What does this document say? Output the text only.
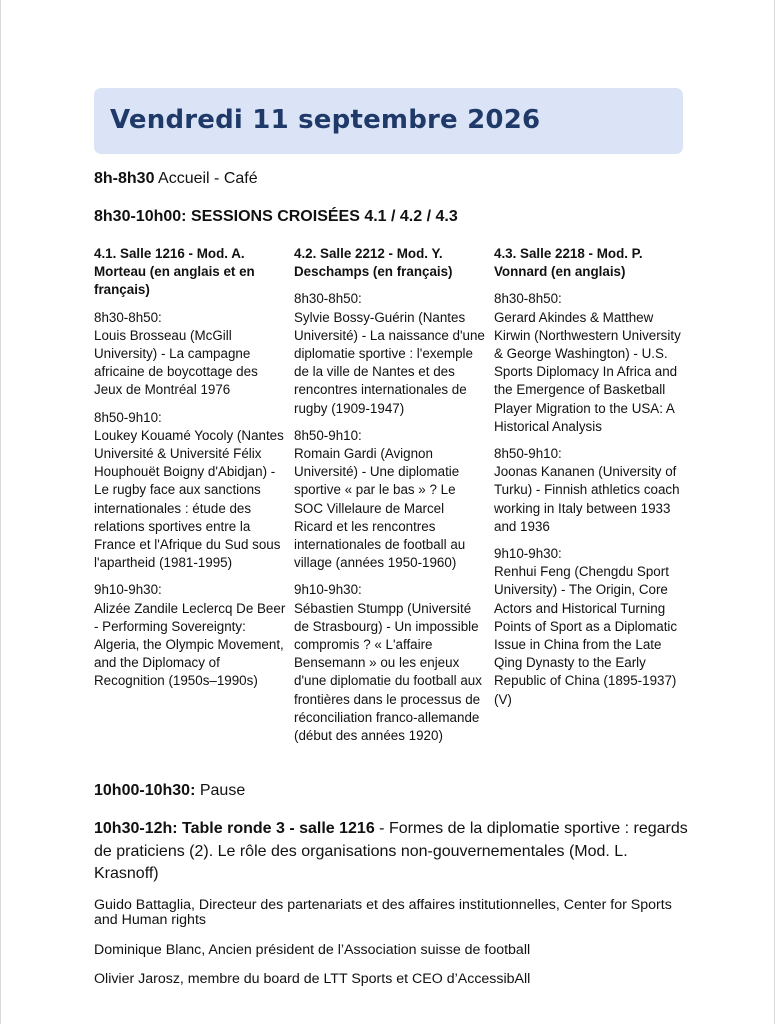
Vendredi 11 septembre 2026
8h-8h30 Accueil - Café
8h30-10h00: SESSIONS CROISÉES 4.1 / 4.2 / 4.3
4.1. Salle 1216 - Mod. A. Morteau (en anglais et en français)
8h30-8h50:
Louis Brosseau (McGill University) - La campagne africaine de boycottage des Jeux de Montréal 1976
8h50-9h10:
Loukey Kouamé Yocoly (Nantes Université & Université Félix Houphouët Boigny d'Abidjan) - Le rugby face aux sanctions internationales : étude des relations sportives entre la France et l'Afrique du Sud sous l'apartheid (1981-1995)
9h10-9h30:
Alizée Zandile Leclercq De Beer - Performing Sovereignty: Algeria, the Olympic Movement, and the Diplomacy of Recognition (1950s–1990s)
4.2. Salle 2212 - Mod. Y. Deschamps (en français)
8h30-8h50:
Sylvie Bossy-Guérin (Nantes Université) - La naissance d'une diplomatie sportive : l'exemple de la ville de Nantes et des rencontres internationales de rugby (1909-1947)
8h50-9h10:
Romain Gardi (Avignon Université) - Une diplomatie sportive « par le bas » ? Le SOC Villelaure de Marcel Ricard et les rencontres internationales de football au village (années 1950-1960)
9h10-9h30:
Sébastien Stumpp (Université de Strasbourg) - Un impossible compromis ? « L'affaire Bensemann » ou les enjeux d'une diplomatie du football aux frontières dans le processus de réconciliation franco-allemande (début des années 1920)
4.3. Salle 2218 - Mod. P. Vonnard (en anglais)
8h30-8h50:
Gerard Akindes & Matthew Kirwin (Northwestern University & George Washington) - U.S. Sports Diplomacy In Africa and the Emergence of Basketball Player Migration to the USA: A Historical Analysis
8h50-9h10:
Joonas Kananen (University of Turku) - Finnish athletics coach working in Italy between 1933 and 1936
9h10-9h30:
Renhui Feng (Chengdu Sport University) - The Origin, Core Actors and Historical Turning Points of Sport as a Diplomatic Issue in China from the Late Qing Dynasty to the Early Republic of China (1895-1937) (V)
10h00-10h30: Pause
10h30-12h: Table ronde 3 - salle 1216 - Formes de la diplomatie sportive : regards de praticiens (2). Le rôle des organisations non-gouvernementales (Mod. L. Krasnoff)
Guido Battaglia, Directeur des partenariats et des affaires institutionnelles, Center for Sports and Human rights
Dominique Blanc, Ancien président de l’Association suisse de football
Olivier Jarosz, membre du board de LTT Sports et CEO d’AccessibAll
